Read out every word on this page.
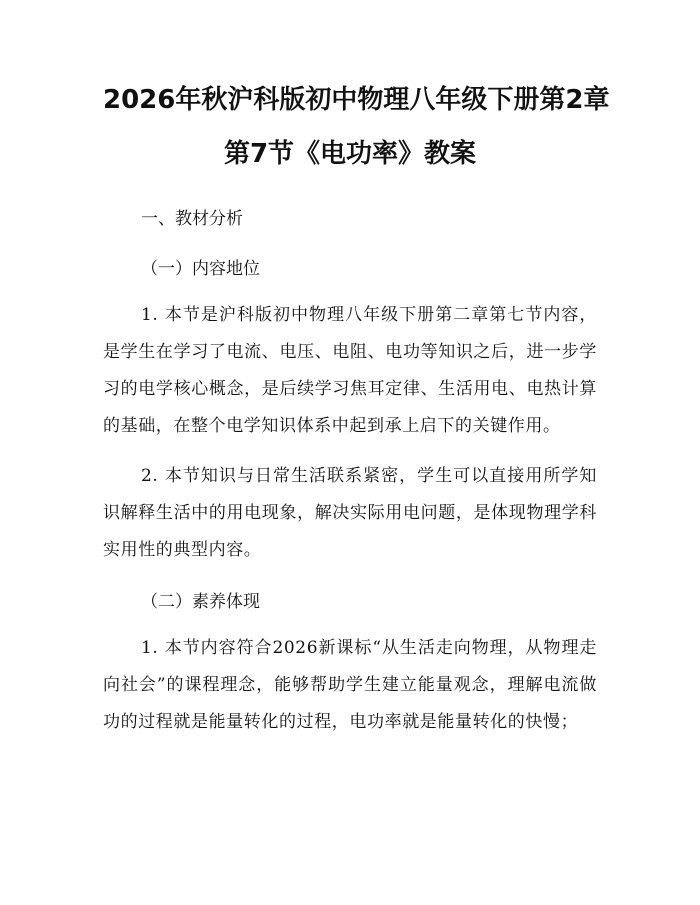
2026年秋沪科版初中物理八年级下册第2章
第7节《电功率》教案

一、教材分析

（一）内容地位

1. 本节是沪科版初中物理八年级下册第二章第七节内容，是学生在学习了电流、电压、电阻、电功等知识之后，进一步学习的电学核心概念，是后续学习焦耳定律、生活用电、电热计算的基础，在整个电学知识体系中起到承上启下的关键作用。

2. 本节知识与日常生活联系紧密，学生可以直接用所学知识解释生活中的用电现象，解决实际用电问题，是体现物理学科实用性的典型内容。

（二）素养体现

1. 本节内容符合2026新课标“从生活走向物理，从物理走向社会”的课程理念，能够帮助学生建立能量观念，理解电流做功的过程就是能量转化的过程，电功率就是能量转化的快慢；
